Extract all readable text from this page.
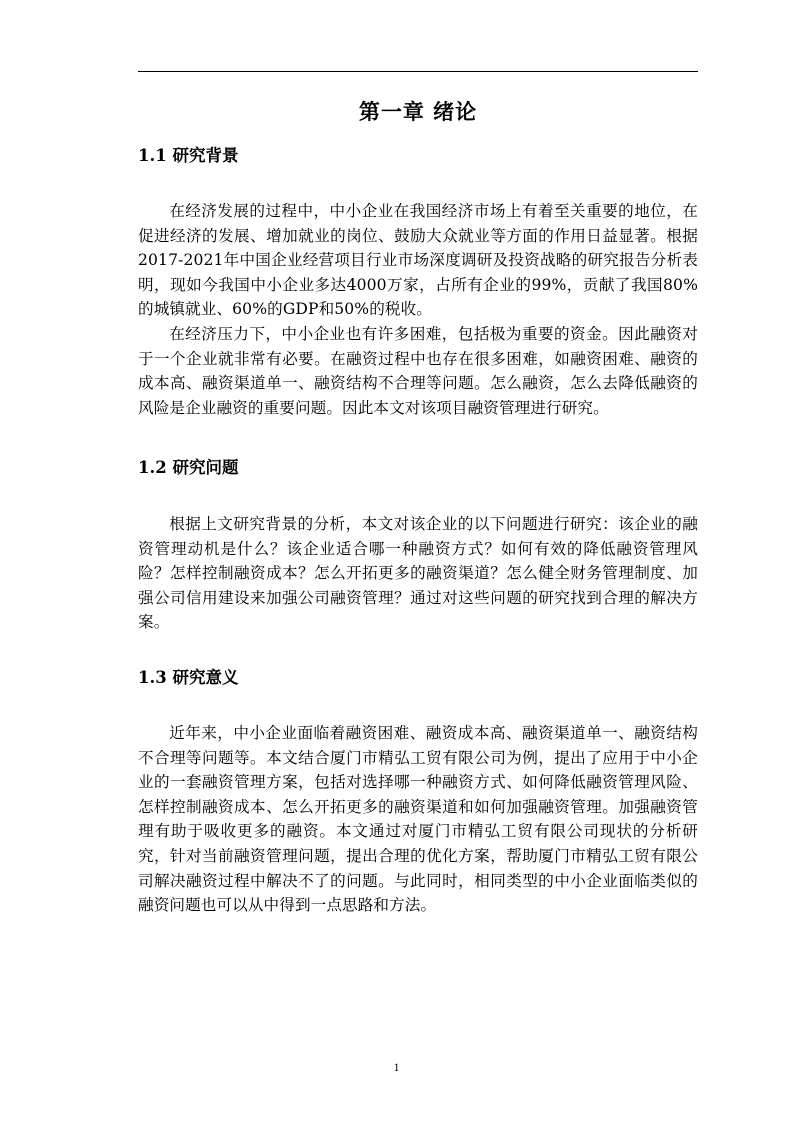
第一章 绪论
1.1 研究背景

在经济发展的过程中，中小企业在我国经济市场上有着至关重要的地位，在促进经济的发展、增加就业的岗位、鼓励大众就业等方面的作用日益显著。根据2017-2021年中国企业经营项目行业市场深度调研及投资战略的研究报告分析表明，现如今我国中小企业多达4000万家，占所有企业的99%，贡献了我国80%的城镇就业、60%的GDP和50%的税收。

在经济压力下，中小企业也有许多困难，包括极为重要的资金。因此融资对于一个企业就非常有必要。在融资过程中也存在很多困难，如融资困难、融资的成本高、融资渠道单一、融资结构不合理等问题。怎么融资，怎么去降低融资的风险是企业融资的重要问题。因此本文对该项目融资管理进行研究。

1.2 研究问题

根据上文研究背景的分析，本文对该企业的以下问题进行研究：该企业的融资管理动机是什么？该企业适合哪一种融资方式？如何有效的降低融资管理风险？怎样控制融资成本？怎么开拓更多的融资渠道？怎么健全财务管理制度、加强公司信用建设来加强公司融资管理？通过对这些问题的研究找到合理的解决方案。

1.3 研究意义

近年来，中小企业面临着融资困难、融资成本高、融资渠道单一、融资结构不合理等问题等。本文结合厦门市精弘工贸有限公司为例，提出了应用于中小企业的一套融资管理方案，包括对选择哪一种融资方式、如何降低融资管理风险、怎样控制融资成本、怎么开拓更多的融资渠道和如何加强融资管理。加强融资管理有助于吸收更多的融资。本文通过对厦门市精弘工贸有限公司现状的分析研究，针对当前融资管理问题，提出合理的优化方案，帮助厦门市精弘工贸有限公司解决融资过程中解决不了的问题。与此同时，相同类型的中小企业面临类似的融资问题也可以从中得到一点思路和方法。

1
